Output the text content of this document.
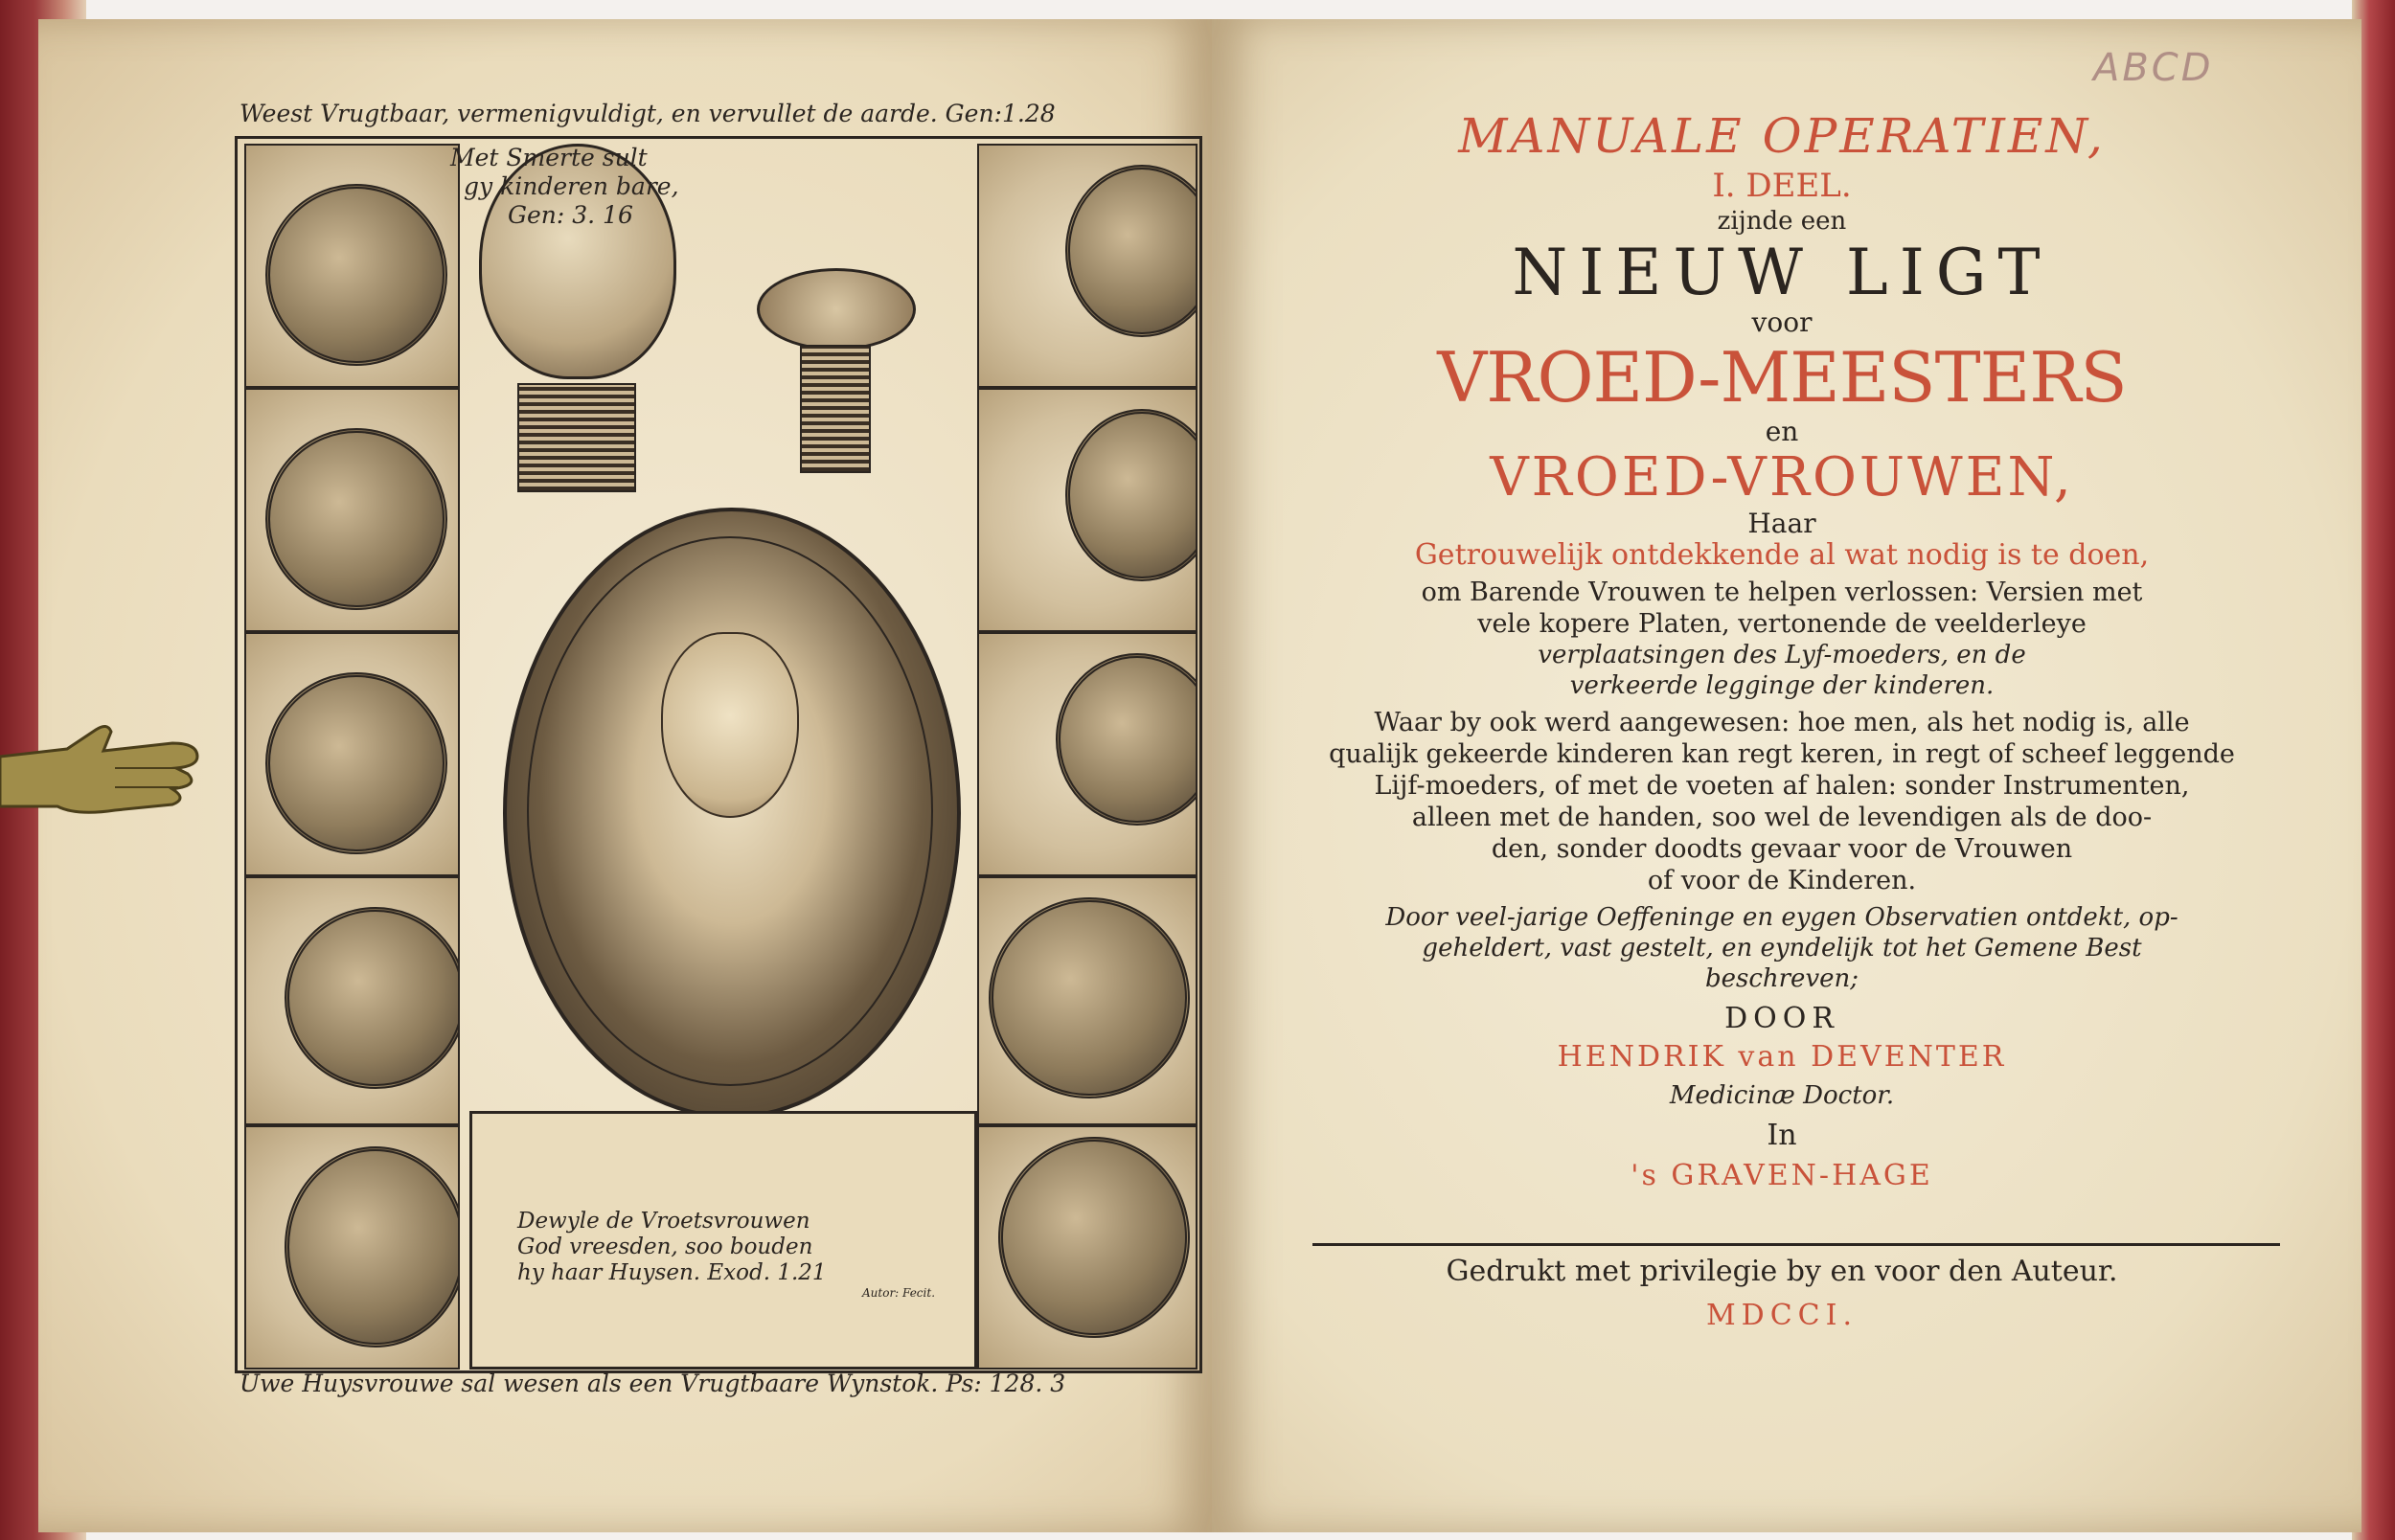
Weest Vrugtbaar, vermenigvuldigt, en vervullet de aarde. Gen:1.28
Met Smerte sult
gy kinderen bare,
Gen: 3. 16
Dewyle de Vroetsvrouwen
God vreesden, soo bouden
hy haar Huysen. Exod. 1.21
Autor: Fecit.
Uwe Huysvrouwe sal wesen als een Vrugtbaare Wynstok. Ps: 128. 3
ABCD
MANUALE OPERATIEN,
I. DEEL.
zijnde een
NIEUW LIGT
voor
VROED-MEESTERS
en
VROED-VROUWEN,
Haar
Getrouwelijk ontdekkende al wat nodig is te doen,
om Barende Vrouwen te helpen verlossen: Versien met
vele kopere Platen, vertonende de veelderleye
verplaatsingen des Lyf-moeders, en de
verkeerde legginge der kinderen.
Waar by ook werd aangewesen: hoe men, als het nodig is, alle
qualijk gekeerde kinderen kan regt keren, in regt of scheef leggende
Lijf-moeders, of met de voeten af halen: sonder Instrumenten,
alleen met de handen, soo wel de levendigen als de doo-
den, sonder doodts gevaar voor de Vrouwen
of voor de Kinderen.
Door veel-jarige Oeffeninge en eygen Observatien ontdekt, op-
geheldert, vast gestelt, en eyndelijk tot het Gemene Best
beschreven;
DOOR
HENDRIK van DEVENTER
Medicinæ Doctor.
In
's GRAVEN-HAGE
Gedrukt met privilegie by en voor den Auteur.
MDCCI.
